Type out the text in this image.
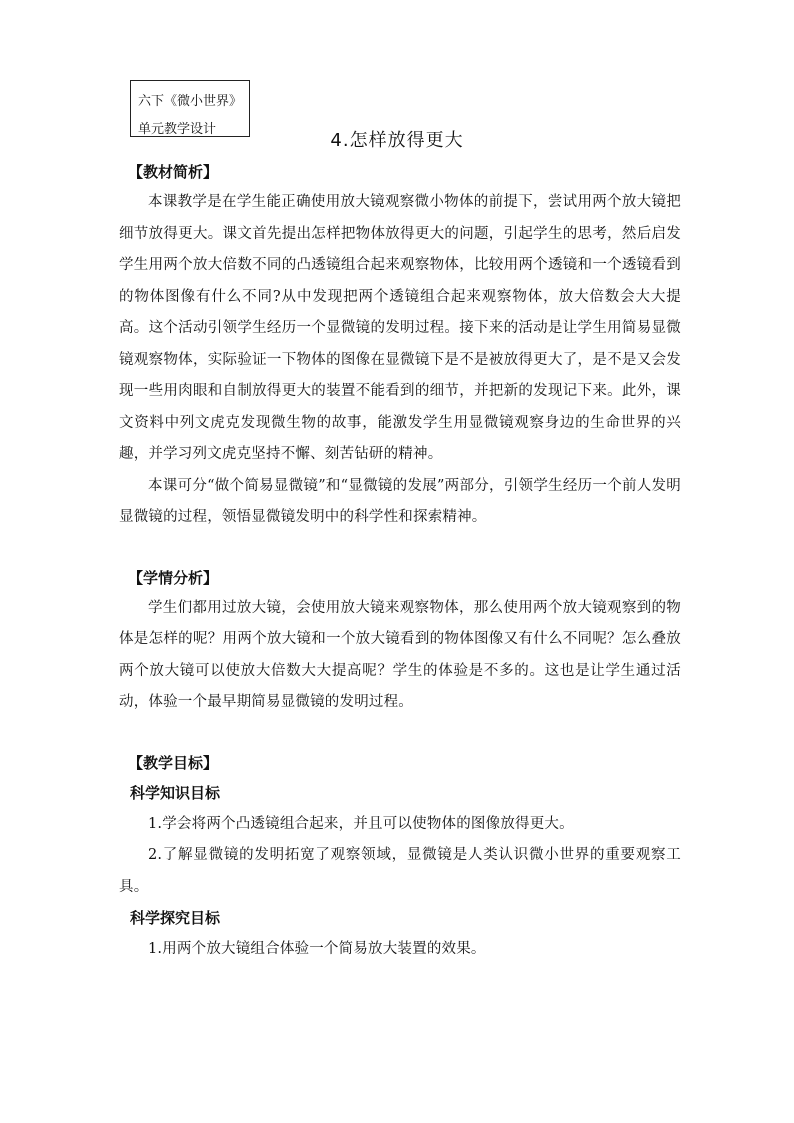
六下《微小世界》
单元教学设计
4.怎样放得更大
【教材简析】

本课教学是在学生能正确使用放大镜观察微小物体的前提下，尝试用两个放大镜把细节放得更大。课文首先提出怎样把物体放得更大的问题，引起学生的思考，然后启发学生用两个放大倍数不同的凸透镜组合起来观察物体，比较用两个透镜和一个透镜看到的物体图像有什么不同?从中发现把两个透镜组合起来观察物体，放大倍数会大大提高。这个活动引领学生经历一个显微镜的发明过程。接下来的活动是让学生用简易显微镜观察物体，实际验证一下物体的图像在显微镜下是不是被放得更大了，是不是又会发现一些用肉眼和自制放得更大的装置不能看到的细节，并把新的发现记下来。此外，课文资料中列文虎克发现微生物的故事，能激发学生用显微镜观察身边的生命世界的兴趣，并学习列文虎克坚持不懈、刻苦钻研的精神。

本课可分“做个简易显微镜”和“显微镜的发展”两部分，引领学生经历一个前人发明显微镜的过程，领悟显微镜发明中的科学性和探索精神。

【学情分析】

学生们都用过放大镜，会使用放大镜来观察物体，那么使用两个放大镜观察到的物体是怎样的呢？用两个放大镜和一个放大镜看到的物体图像又有什么不同呢？怎么叠放两个放大镜可以使放大倍数大大提高呢？学生的体验是不多的。这也是让学生通过活动，体验一个最早期简易显微镜的发明过程。

【教学目标】
科学知识目标

1.学会将两个凸透镜组合起来，并且可以使物体的图像放得更大。

2.了解显微镜的发明拓宽了观察领域，显微镜是人类认识微小世界的重要观察工具。

科学探究目标

1.用两个放大镜组合体验一个简易放大装置的效果。
